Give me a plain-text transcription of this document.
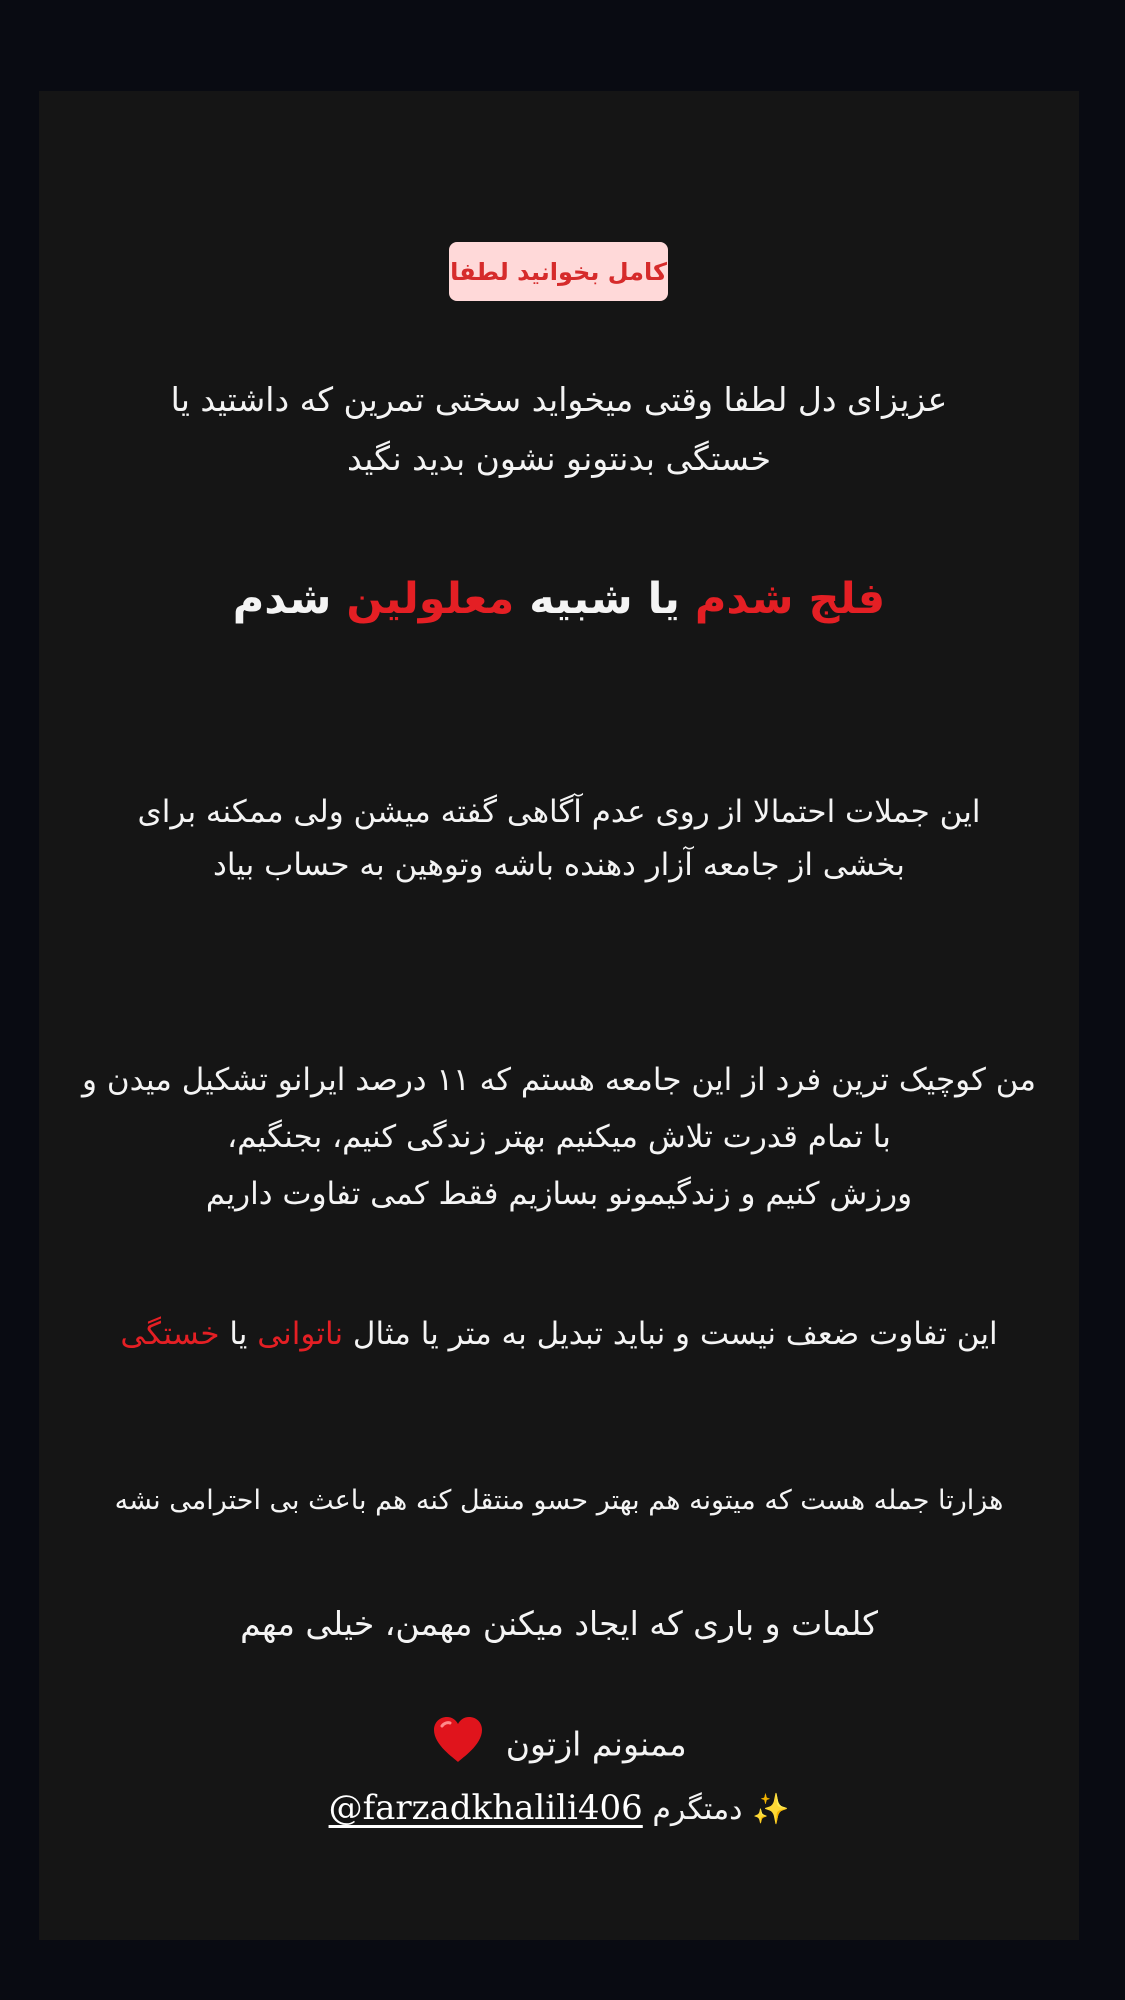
کامل بخوانید لطفا
عزیزای دل لطفا وقتی میخواید سختی تمرین که داشتید یا
خستگی بدنتونو نشون بدید نگید
فلج شدم یا شبیه معلولین شدم
این جملات احتمالا از روی عدم آگاهی گفته میشن ولی ممکنه برای
بخشی از جامعه آزار دهنده باشه وتوهین به حساب بیاد
من کوچیک ترین فرد از این جامعه هستم که ۱۱ درصد ایرانو تشکیل میدن و
با تمام قدرت تلاش میکنیم بهتر زندگی کنیم، بجنگیم،
ورزش کنیم و زندگیمونو بسازیم فقط کمی تفاوت داریم
این تفاوت ضعف نیست و نباید تبدیل به متر یا مثال ناتوانی یا خستگی
هزارتا جمله هست که میتونه هم بهتر حسو منتقل کنه هم باعث بی احترامی نشه
کلمات و باری که ایجاد میکنن مهمن، خیلی مهم
ممنونم ازتون
✨ دمتگرم @farzadkhalili406
